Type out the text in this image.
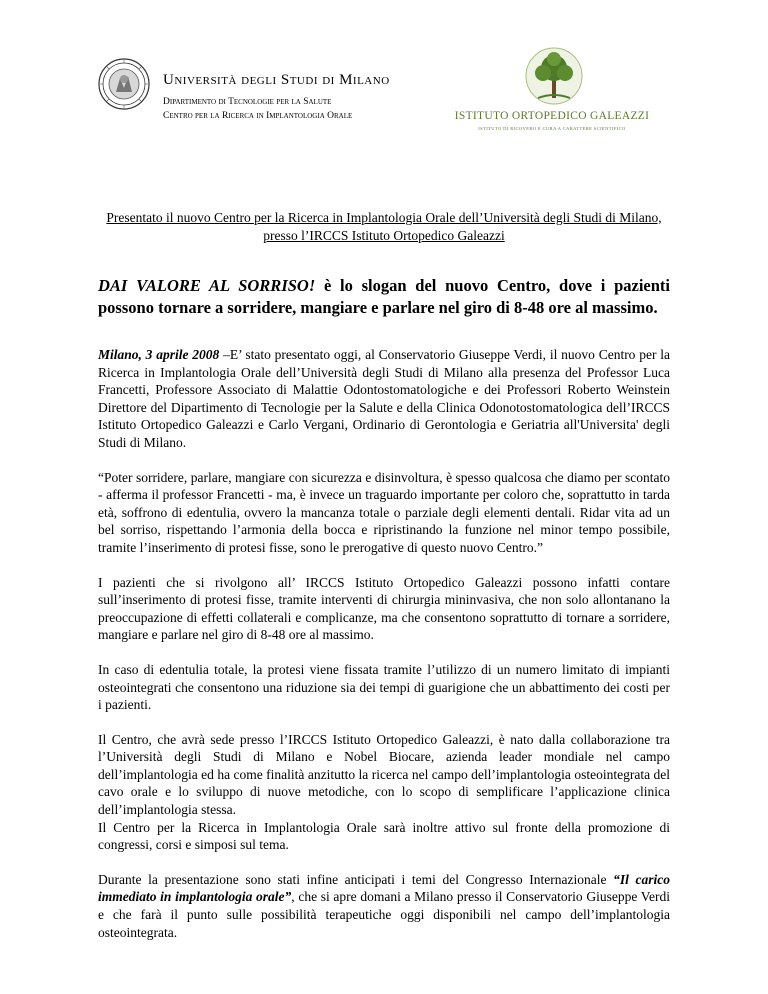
Università degli Studi di Milano
Dipartimento di Tecnologie per la Salute
Centro per la Ricerca in Implantologia Orale	ISTITUTO ORTOPEDICO GALEAZZI
ISTITUTO DI RICOVERO E CURA A CARATTERE SCIENTIFICO
Presentato il nuovo Centro per la Ricerca in Implantologia Orale dell’Università degli Studi di Milano, presso l’IRCCS Istituto Ortopedico Galeazzi
DAI VALORE AL SORRISO! è lo slogan del nuovo Centro, dove i pazienti possono tornare a sorridere, mangiare e parlare nel giro di 8-48 ore al massimo.

Milano, 3 aprile 2008 –E’ stato presentato oggi, al Conservatorio Giuseppe Verdi, il nuovo Centro per la Ricerca in Implantologia Orale dell’Università degli Studi di Milano alla presenza del Professor Luca Francetti, Professore Associato di Malattie Odontostomatologiche e dei Professori Roberto Weinstein Direttore del Dipartimento di Tecnologie per la Salute e della Clinica Odonotostomatologica dell’IRCCS Istituto Ortopedico Galeazzi e Carlo Vergani, Ordinario di Gerontologia e Geriatria all'Universita' degli Studi di Milano.

“Poter sorridere, parlare, mangiare con sicurezza e disinvoltura, è spesso qualcosa che diamo per scontato - afferma il professor Francetti - ma, è invece un traguardo importante per coloro che, soprattutto in tarda età, soffrono di edentulia, ovvero la mancanza totale o parziale degli elementi dentali. Ridar vita ad un bel sorriso, rispettando l’armonia della bocca e ripristinando la funzione nel minor tempo possibile, tramite l’inserimento di protesi fisse, sono le prerogative di questo nuovo Centro.”

I pazienti che si rivolgono all’ IRCCS Istituto Ortopedico Galeazzi possono infatti contare sull’inserimento di protesi fisse, tramite interventi di chirurgia mininvasiva, che non solo allontanano la preoccupazione di effetti collaterali e complicanze, ma che consentono soprattutto di tornare a sorridere, mangiare e parlare nel giro di 8-48 ore al massimo.

In caso di edentulia totale, la protesi viene fissata tramite l’utilizzo di un numero limitato di impianti osteointegrati che consentono una riduzione sia dei tempi di guarigione che un abbattimento dei costi per i pazienti.

Il Centro, che avrà sede presso l’IRCCS Istituto Ortopedico Galeazzi, è nato dalla collaborazione tra l’Università degli Studi di Milano e Nobel Biocare, azienda leader mondiale nel campo dell’implantologia ed ha come finalità anzitutto la ricerca nel campo dell’implantologia osteointegrata del cavo orale e lo sviluppo di nuove metodiche, con lo scopo di semplificare l’applicazione clinica dell’implantologia stessa.

Il Centro per la Ricerca in Implantologia Orale sarà inoltre attivo sul fronte della promozione di congressi, corsi e simposi sul tema.

Durante la presentazione sono stati infine anticipati i temi del Congresso Internazionale “Il carico immediato in implantologia orale”, che si apre domani a Milano presso il Conservatorio Giuseppe Verdi e che farà il punto sulle possibilità terapeutiche oggi disponibili nel campo dell’implantologia osteointegrata.
